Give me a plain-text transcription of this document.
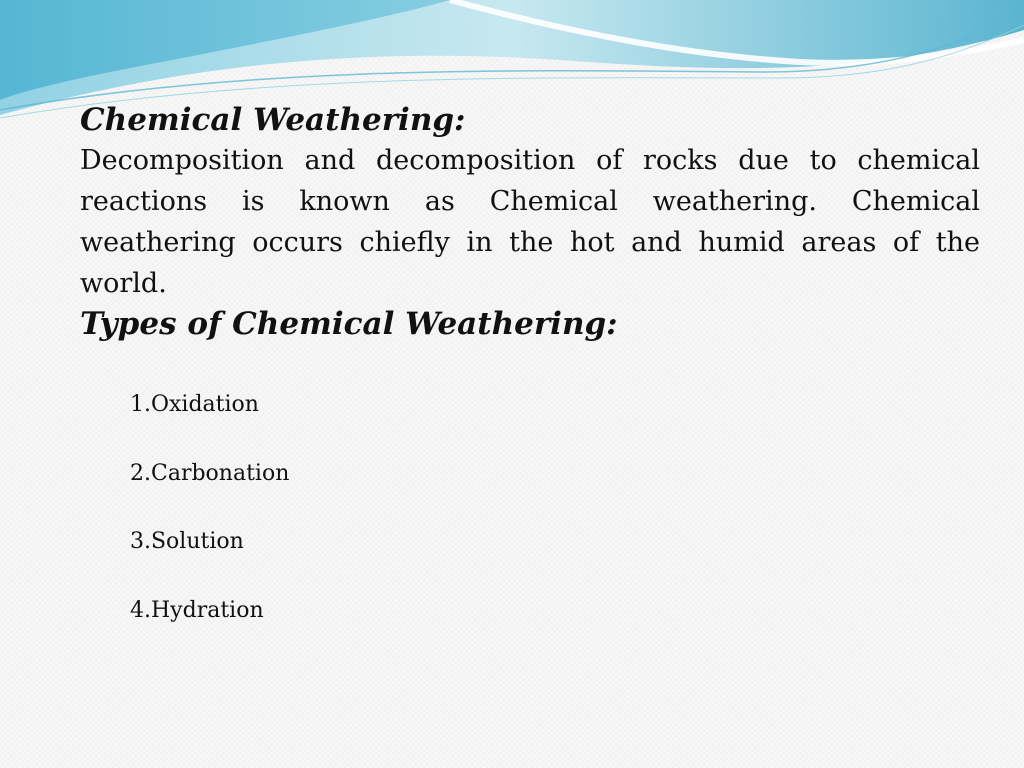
Chemical Weathering:

Decomposition and decomposition of rocks due to chemical reactions is known as Chemical weathering. Chemical weathering occurs chiefly in the hot and humid areas of the world.

Types of Chemical Weathering:
1.Oxidation
2.Carbonation
3.Solution
4.Hydration
